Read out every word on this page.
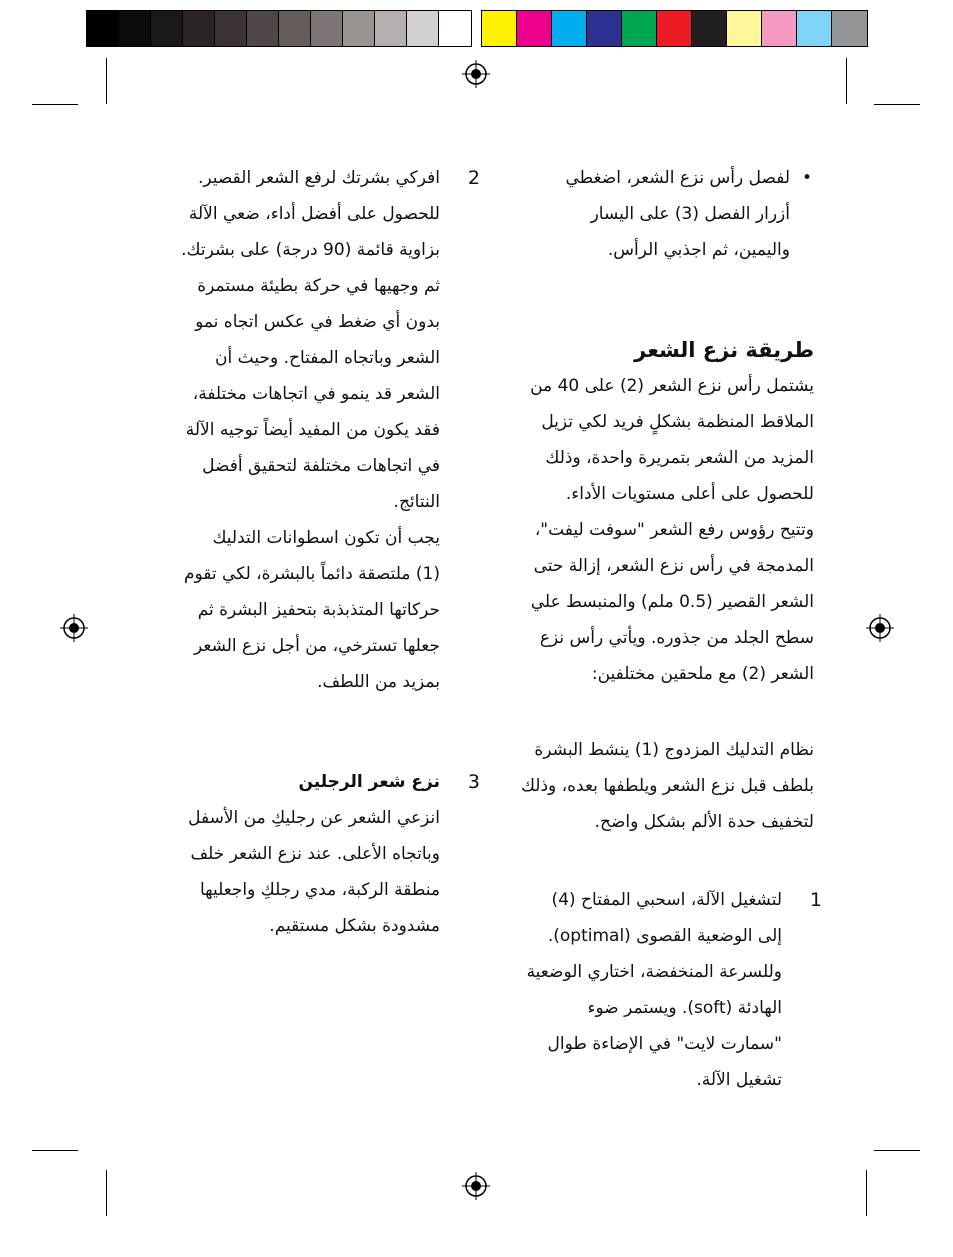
•
لفصل رأس نزع الشعر، اضغطي
أزرار الفصل (3) على اليسار
واليمين، ثم اجذبي الرأس.
طريقة نزع الشعر
يشتمل رأس نزع الشعر (2) على 40 من
الملاقط المنظمة بشكلٍ فريد لكي تزيل
المزيد من الشعر بتمريرة واحدة، وذلك
للحصول على أعلى مستويات الأداء.
وتتيح رؤوس رفع الشعر "سوفت ليفت"،
المدمجة في رأس نزع الشعر، إزالة حتى
الشعر القصير (0.5 ملم) والمنبسط علي
سطح الجلد من جذوره. ويأتي رأس نزع
الشعر (2) مع ملحقين مختلفين:
نظام التدليك المزدوج (1) ينشط البشرة
بلطف قبل نزع الشعر ويلطفها بعده، وذلك
لتخفيف حدة الألم بشكل واضح.
1
لتشغيل الآلة، اسحبي المفتاح (4)
إلى الوضعية القصوى (optimal).
وللسرعة المنخفضة، اختاري الوضعية
الهادئة (soft). ويستمر ضوء
"سمارت لايت" في الإضاءة طوال
تشغيل الآلة.
2
افركي بشرتك لرفع الشعر القصير.
للحصول على أفضل أداء، ضعي الآلة
بزاوية قائمة (90 درجة) على بشرتك.
ثم وجهيها في حركة بطيئة مستمرة
بدون أي ضغط في عكس اتجاه نمو
الشعر وباتجاه المفتاح. وحيث أن
الشعر قد ينمو في اتجاهات مختلفة،
فقد يكون من المفيد أيضاً توجيه الآلة
في اتجاهات مختلفة لتحقيق أفضل
النتائج.
يجب أن تكون اسطوانات التدليك
(1) ملتصقة دائماً بالبشرة، لكي تقوم
حركاتها المتذبذبة بتحفيز البشرة ثم
جعلها تسترخي، من أجل نزع الشعر
بمزيد من اللطف.
3
نزع شعر الرجلين
انزعي الشعر عن رجليكِ من الأسفل
وباتجاه الأعلى. عند نزع الشعر خلف
منطقة الركبة، مدي رجلكِ واجعليها
مشدودة بشكل مستقيم.
